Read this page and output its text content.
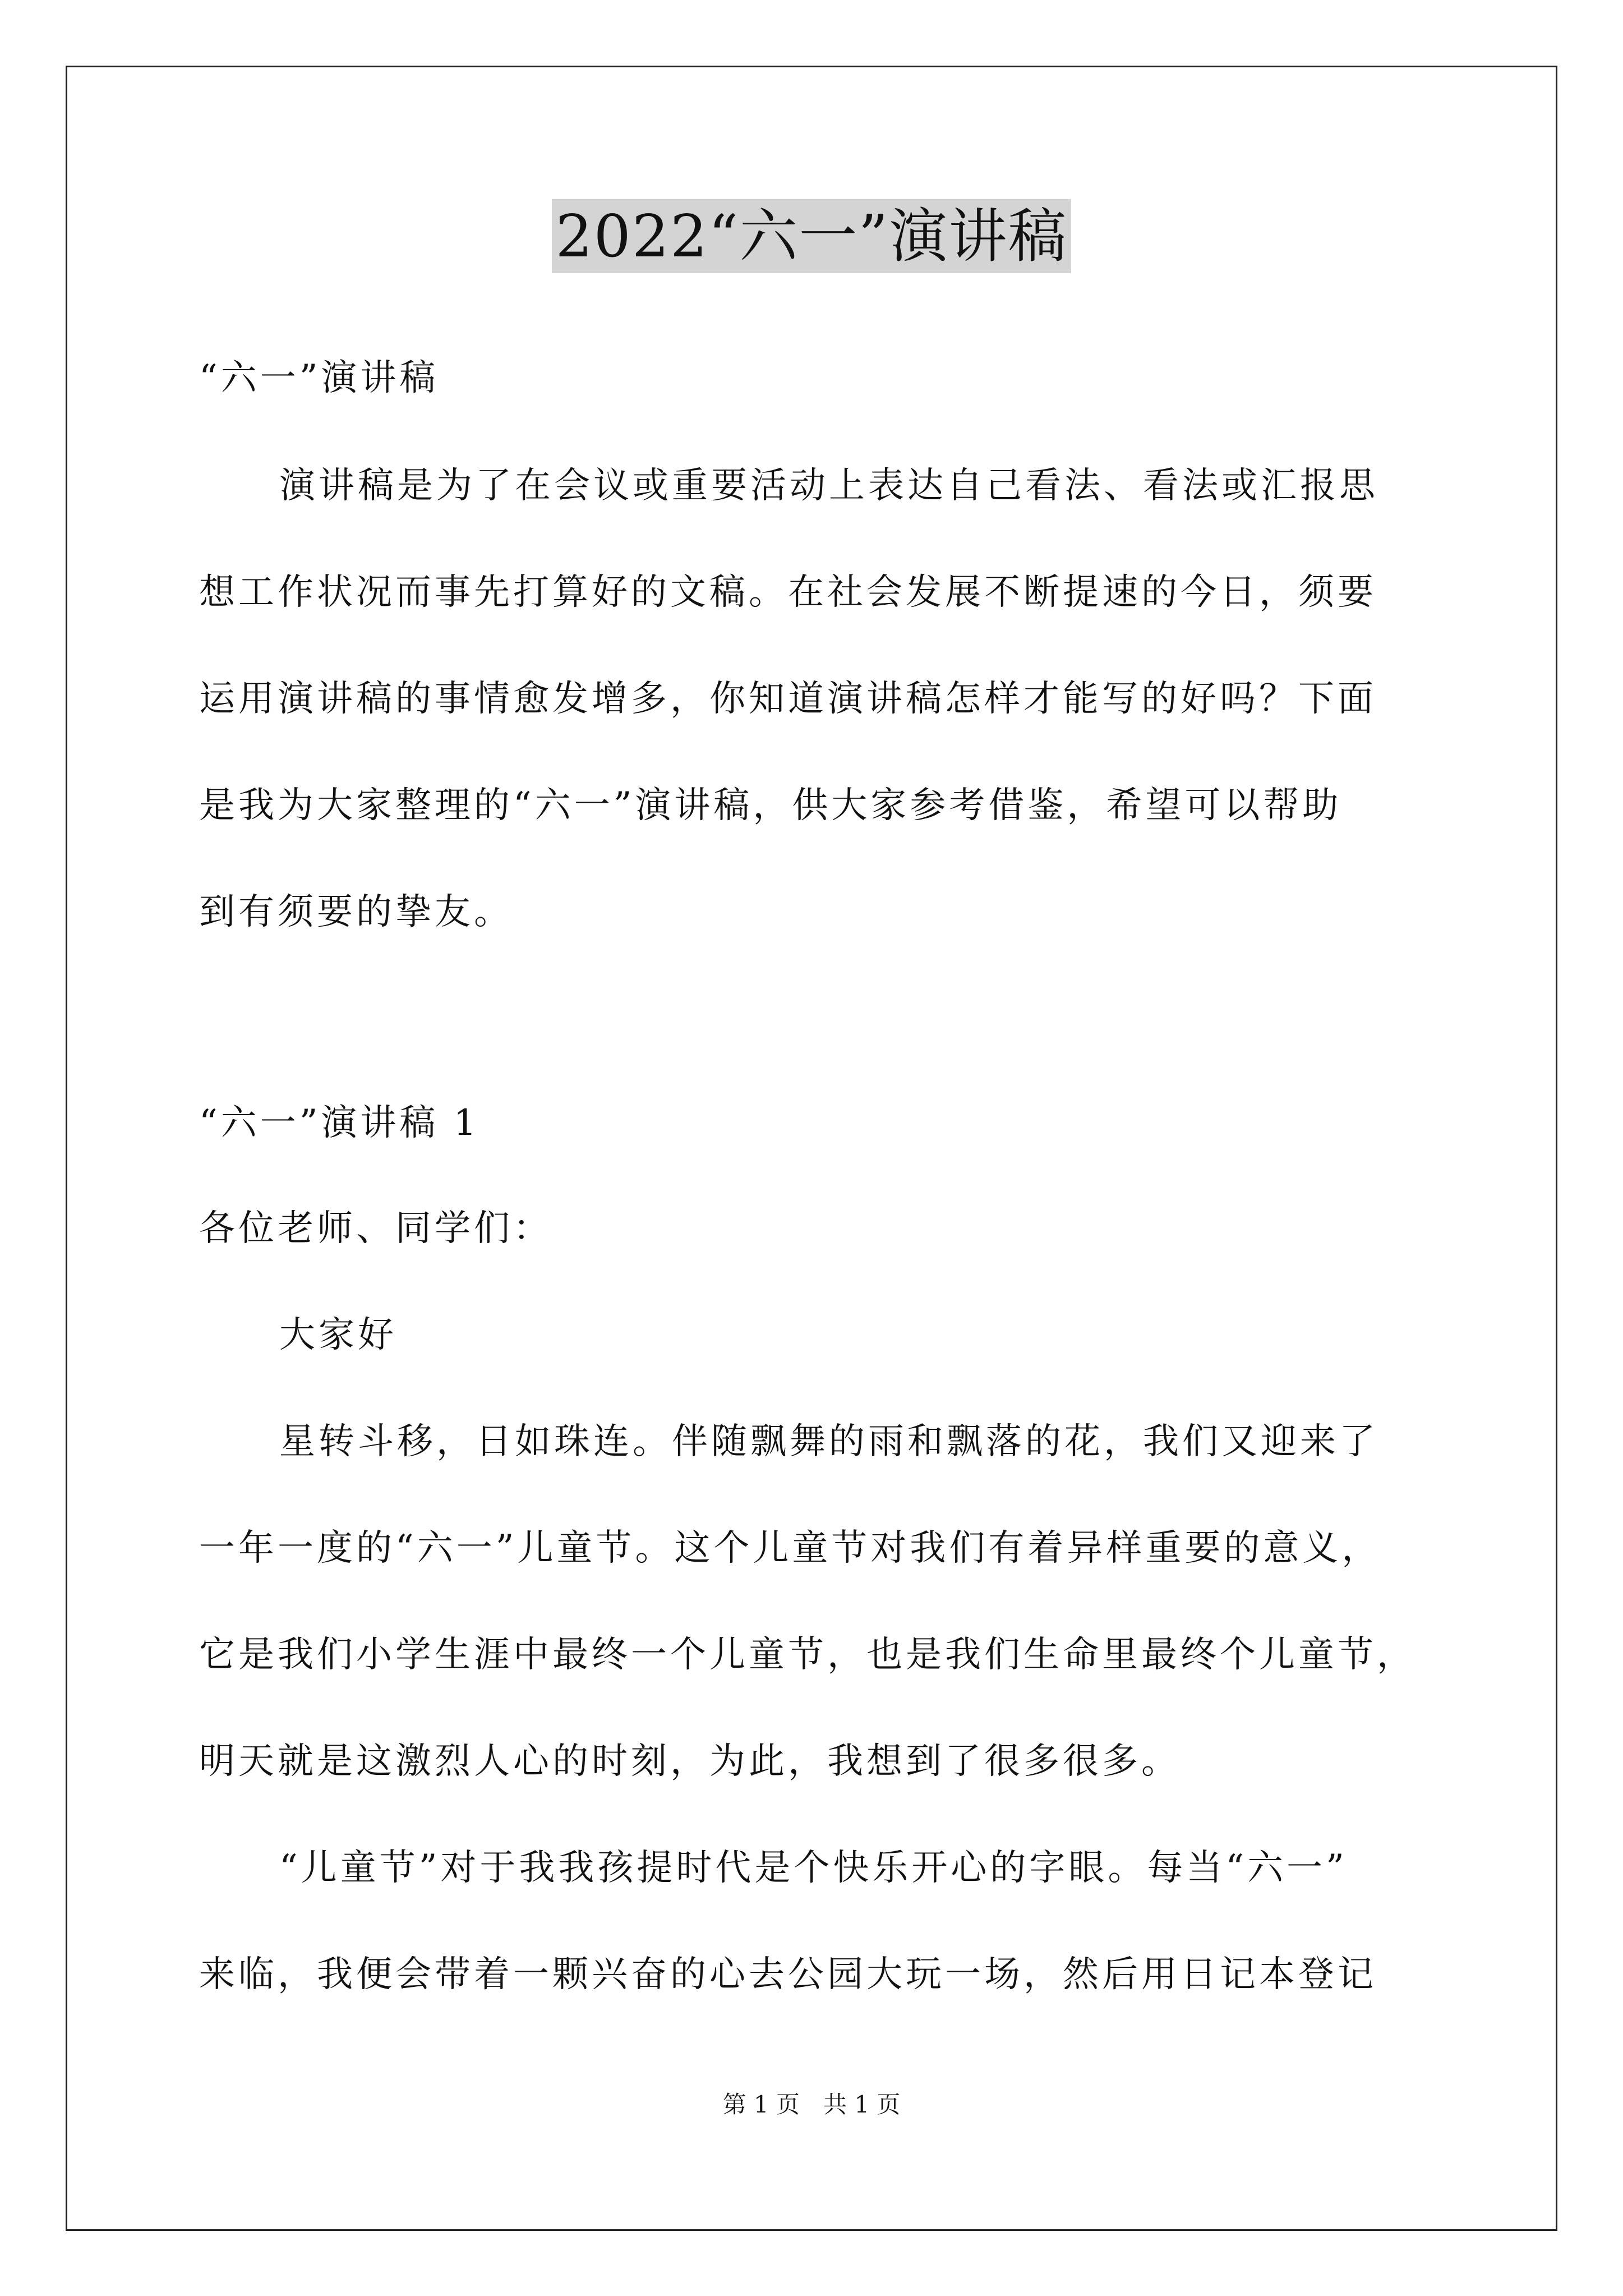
2022“六一”演讲稿
“六一”演讲稿
演讲稿是为了在会议或重要活动上表达自己看法、看法或汇报思
想工作状况而事先打算好的文稿。在社会发展不断提速的今日，须要
运用演讲稿的事情愈发增多，你知道演讲稿怎样才能写的好吗？下面
是我为大家整理的“六一”演讲稿，供大家参考借鉴，希望可以帮助
到有须要的挚友。
“六一”演讲稿 1
各位老师、同学们：
大家好
星转斗移，日如珠连。伴随飘舞的雨和飘落的花，我们又迎来了
一年一度的“六一”儿童节。这个儿童节对我们有着异样重要的意义，
它是我们小学生涯中最终一个儿童节，也是我们生命里最终个儿童节，
明天就是这激烈人心的时刻，为此，我想到了很多很多。
“儿童节”对于我我孩提时代是个快乐开心的字眼。每当“六一”
来临，我便会带着一颗兴奋的心去公园大玩一场，然后用日记本登记
第 1 页　共 1 页
